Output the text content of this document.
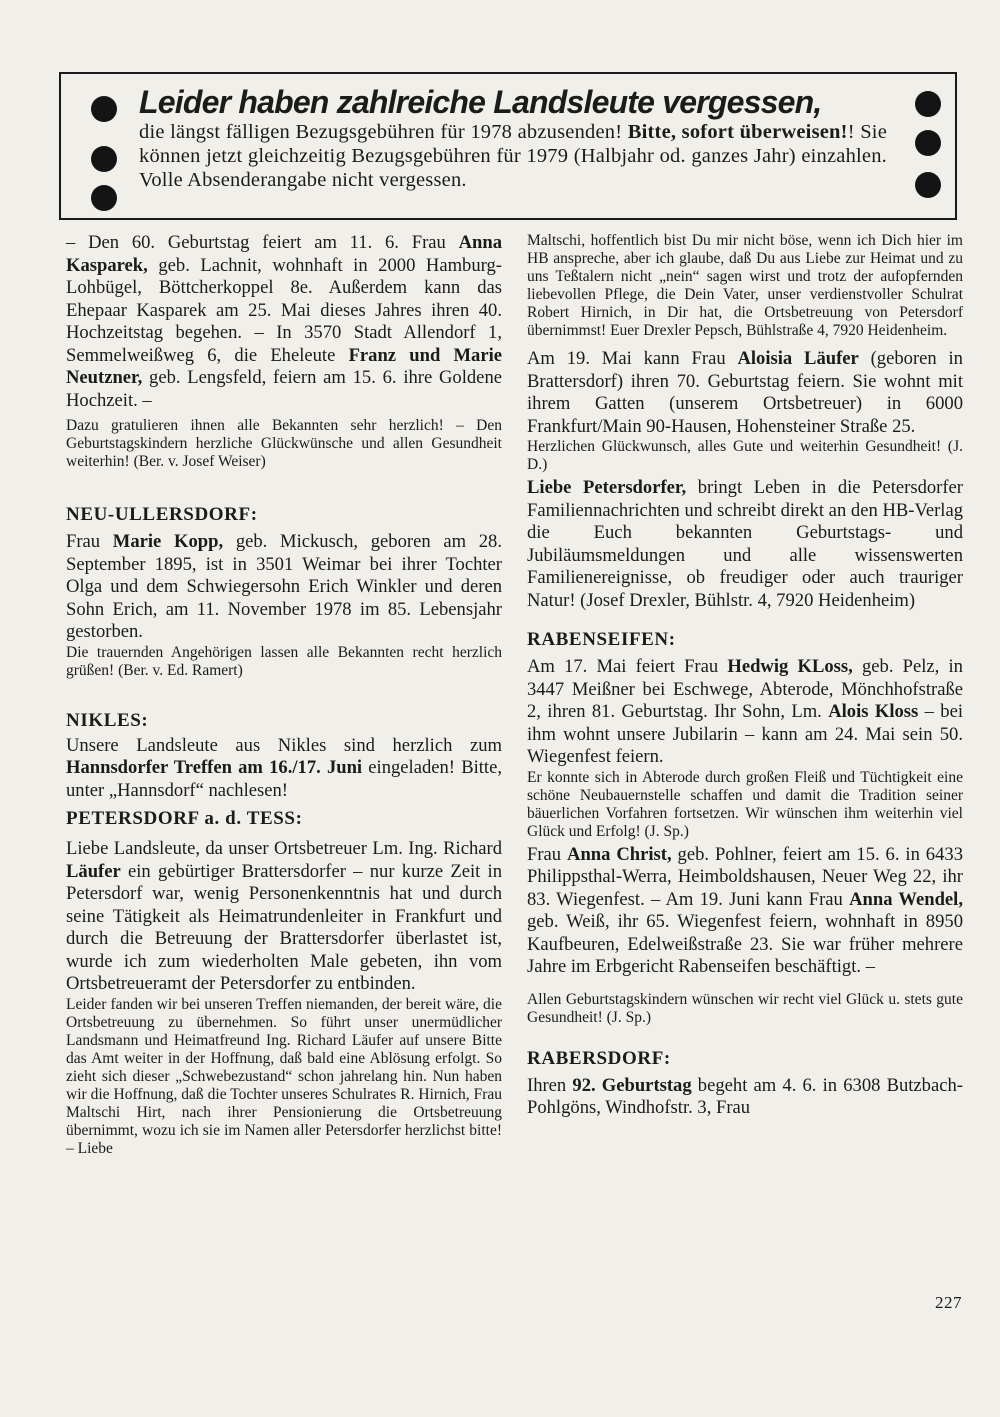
Leider haben zahlreiche Landsleute vergessen,
die längst fälligen Bezugsgebühren für 1978 abzusenden! Bitte, sofort überweisen!! Sie können jetzt gleichzeitig Bezugsgebühren für 1979 (Halbjahr od. ganzes Jahr) einzahlen. Volle Absenderangabe nicht vergessen.

– Den 60. Geburtstag feiert am 11. 6. Frau Anna Kasparek, geb. Lachnit, wohnhaft in 2000 Hamburg-Lohbügel, Böttcherkoppel 8e. Außerdem kann das Ehepaar Kasparek am 25. Mai dieses Jahres ihren 40. Hochzeitstag begehen. – In 3570 Stadt Allendorf 1, Semmelweißweg 6, die Eheleute Franz und Marie Neutzner, geb. Lengsfeld, feiern am 15. 6. ihre Goldene Hochzeit. –

Dazu gratulieren ihnen alle Bekannten sehr herzlich! – Den Geburtstagskindern herzliche Glückwünsche und allen Gesundheit weiterhin! (Ber. v. Josef Weiser)

NEU-ULLERSDORF:

Frau Marie Kopp, geb. Mickusch, geboren am 28. September 1895, ist in 3501 Weimar bei ihrer Tochter Olga und dem Schwiegersohn Erich Winkler und deren Sohn Erich, am 11. November 1978 im 85. Lebensjahr gestorben.

Die trauernden Angehörigen lassen alle Bekannten recht herzlich grüßen! (Ber. v. Ed. Ramert)

NIKLES:

Unsere Landsleute aus Nikles sind herzlich zum Hannsdorfer Treffen am 16./17. Juni eingeladen! Bitte, unter „Hannsdorf“ nachlesen!

PETERSDORF a. d. TESS:

Liebe Landsleute, da unser Ortsbetreuer Lm. Ing. Richard Läufer ein gebürtiger Brattersdorfer – nur kurze Zeit in Petersdorf war, wenig Personenkenntnis hat und durch seine Tätigkeit als Heimatrundenleiter in Frankfurt und durch die Betreuung der Brattersdorfer überlastet ist, wurde ich zum wiederholten Male gebeten, ihn vom Ortsbetreueramt der Petersdorfer zu entbinden.

Leider fanden wir bei unseren Treffen niemanden, der bereit wäre, die Ortsbetreuung zu übernehmen. So führt unser unermüdlicher Landsmann und Heimatfreund Ing. Richard Läufer auf unsere Bitte das Amt weiter in der Hoffnung, daß bald eine Ablösung erfolgt. So zieht sich dieser „Schwebezustand“ schon jahrelang hin. Nun haben wir die Hoffnung, daß die Tochter unseres Schulrates R. Hirnich, Frau Maltschi Hirt, nach ihrer Pensionierung die Ortsbetreuung übernimmt, wozu ich sie im Namen aller Petersdorfer herzlichst bitte! – Liebe

Maltschi, hoffentlich bist Du mir nicht böse, wenn ich Dich hier im HB anspreche, aber ich glaube, daß Du aus Liebe zur Heimat und zu uns Teßtalern nicht „nein“ sagen wirst und trotz der aufopfernden liebevollen Pflege, die Dein Vater, unser verdienstvoller Schulrat Robert Hirnich, in Dir hat, die Ortsbetreuung von Petersdorf übernimmst! Euer Drexler Pepsch, Bühlstraße 4, 7920 Heidenheim.

Am 19. Mai kann Frau Aloisia Läufer (geboren in Brattersdorf) ihren 70. Geburtstag feiern. Sie wohnt mit ihrem Gatten (unserem Ortsbetreuer) in 6000 Frankfurt/Main 90-Hausen, Hohensteiner Straße 25.

Herzlichen Glückwunsch, alles Gute und weiterhin Gesundheit! (J. D.)

Liebe Petersdorfer, bringt Leben in die Petersdorfer Familiennachrichten und schreibt direkt an den HB-Verlag die Euch bekannten Geburtstags- und Jubiläumsmeldungen und alle wissenswerten Familienereignisse, ob freudiger oder auch trauriger Natur! (Josef Drexler, Bühlstr. 4, 7920 Heidenheim)

RABENSEIFEN:

Am 17. Mai feiert Frau Hedwig KLoss, geb. Pelz, in 3447 Meißner bei Eschwege, Abterode, Mönchhofstraße 2, ihren 81. Geburtstag. Ihr Sohn, Lm. Alois Kloss – bei ihm wohnt unsere Jubilarin – kann am 24. Mai sein 50. Wiegenfest feiern.

Er konnte sich in Abterode durch großen Fleiß und Tüchtigkeit eine schöne Neubauernstelle schaffen und damit die Tradition seiner bäuerlichen Vorfahren fortsetzen. Wir wünschen ihm weiterhin viel Glück und Erfolg! (J. Sp.)

Frau Anna Christ, geb. Pohlner, feiert am 15. 6. in 6433 Philippsthal-Werra, Heimboldshausen, Neuer Weg 22, ihr 83. Wiegenfest. – Am 19. Juni kann Frau Anna Wendel, geb. Weiß, ihr 65. Wiegenfest feiern, wohnhaft in 8950 Kaufbeuren, Edelweißstraße 23. Sie war früher mehrere Jahre im Erbgericht Rabenseifen beschäftigt. –

Allen Geburtstagskindern wünschen wir recht viel Glück u. stets gute Gesundheit! (J. Sp.)

RABERSDORF:

Ihren 92. Geburtstag begeht am 4. 6. in 6308 Butzbach-Pohlgöns, Windhofstr. 3, Frau

227
